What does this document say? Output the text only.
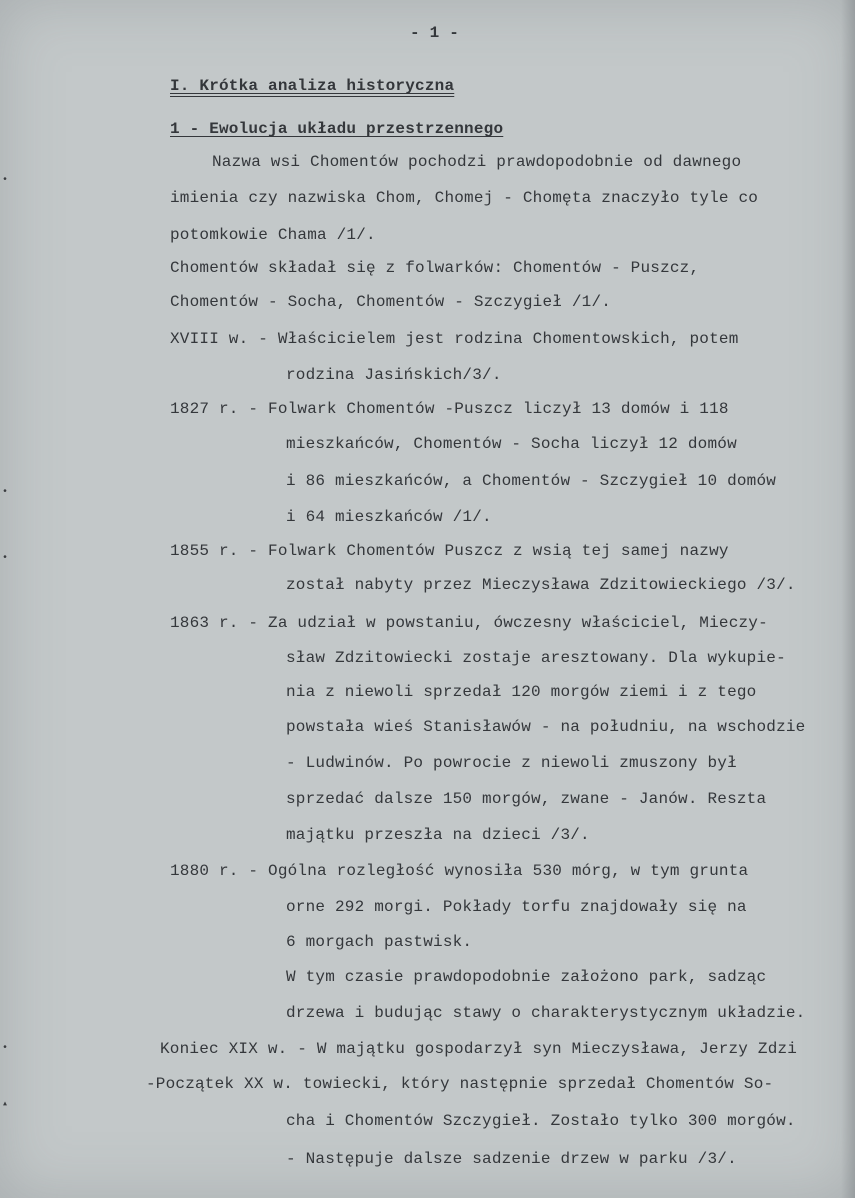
- 1 -
I. Krótka analiza historyczna
1 - Ewolucja układu przestrzennego
Nazwa wsi Chomentów pochodzi prawdopodobnie od dawnego
imienia czy nazwiska Chom, Chomej - Chomęta znaczyło tyle co
potomkowie Chama /1/.
Chomentów składał się z folwarków: Chomentów - Puszcz,
Chomentów - Socha, Chomentów - Szczygieł /1/.
XVIII w. - Właścicielem jest rodzina Chomentowskich, potem
rodzina Jasińskich/3/.
1827 r. - Folwark Chomentów -Puszcz liczył 13 domów i 118
mieszkańców, Chomentów - Socha liczył 12 domów
i 86 mieszkańców, a Chomentów - Szczygieł 10 domów
i 64 mieszkańców /1/.
1855 r. - Folwark Chomentów Puszcz z wsią tej samej nazwy
został nabyty przez Mieczysława Zdzitowieckiego /3/.
1863 r. - Za udział w powstaniu, ówczesny właściciel, Mieczy-
sław Zdzitowiecki zostaje aresztowany. Dla wykupie-
nia z niewoli sprzedał 120 morgów ziemi i z tego
powstała wieś Stanisławów - na południu, na wschodzie
- Ludwinów. Po powrocie z niewoli zmuszony był
sprzedać dalsze 150 morgów, zwane - Janów. Reszta
majątku przeszła na dzieci /3/.
1880 r. - Ogólna rozległość wynosiła 530 mórg, w tym grunta
orne 292 morgi. Pokłady torfu znajdowały się na
6 morgach pastwisk.
W tym czasie prawdopodobnie założono park, sadząc
drzewa i budując stawy o charakterystycznym układzie.
Koniec XIX w. - W majątku gospodarzył syn Mieczysława, Jerzy Zdzi
-Początek XX w. towiecki, który następnie sprzedał Chomentów So-
cha i Chomentów Szczygieł. Zostało tylko 300 morgów.
- Następuje dalsze sadzenie drzew w parku /3/.
•
•
•
•
▴
